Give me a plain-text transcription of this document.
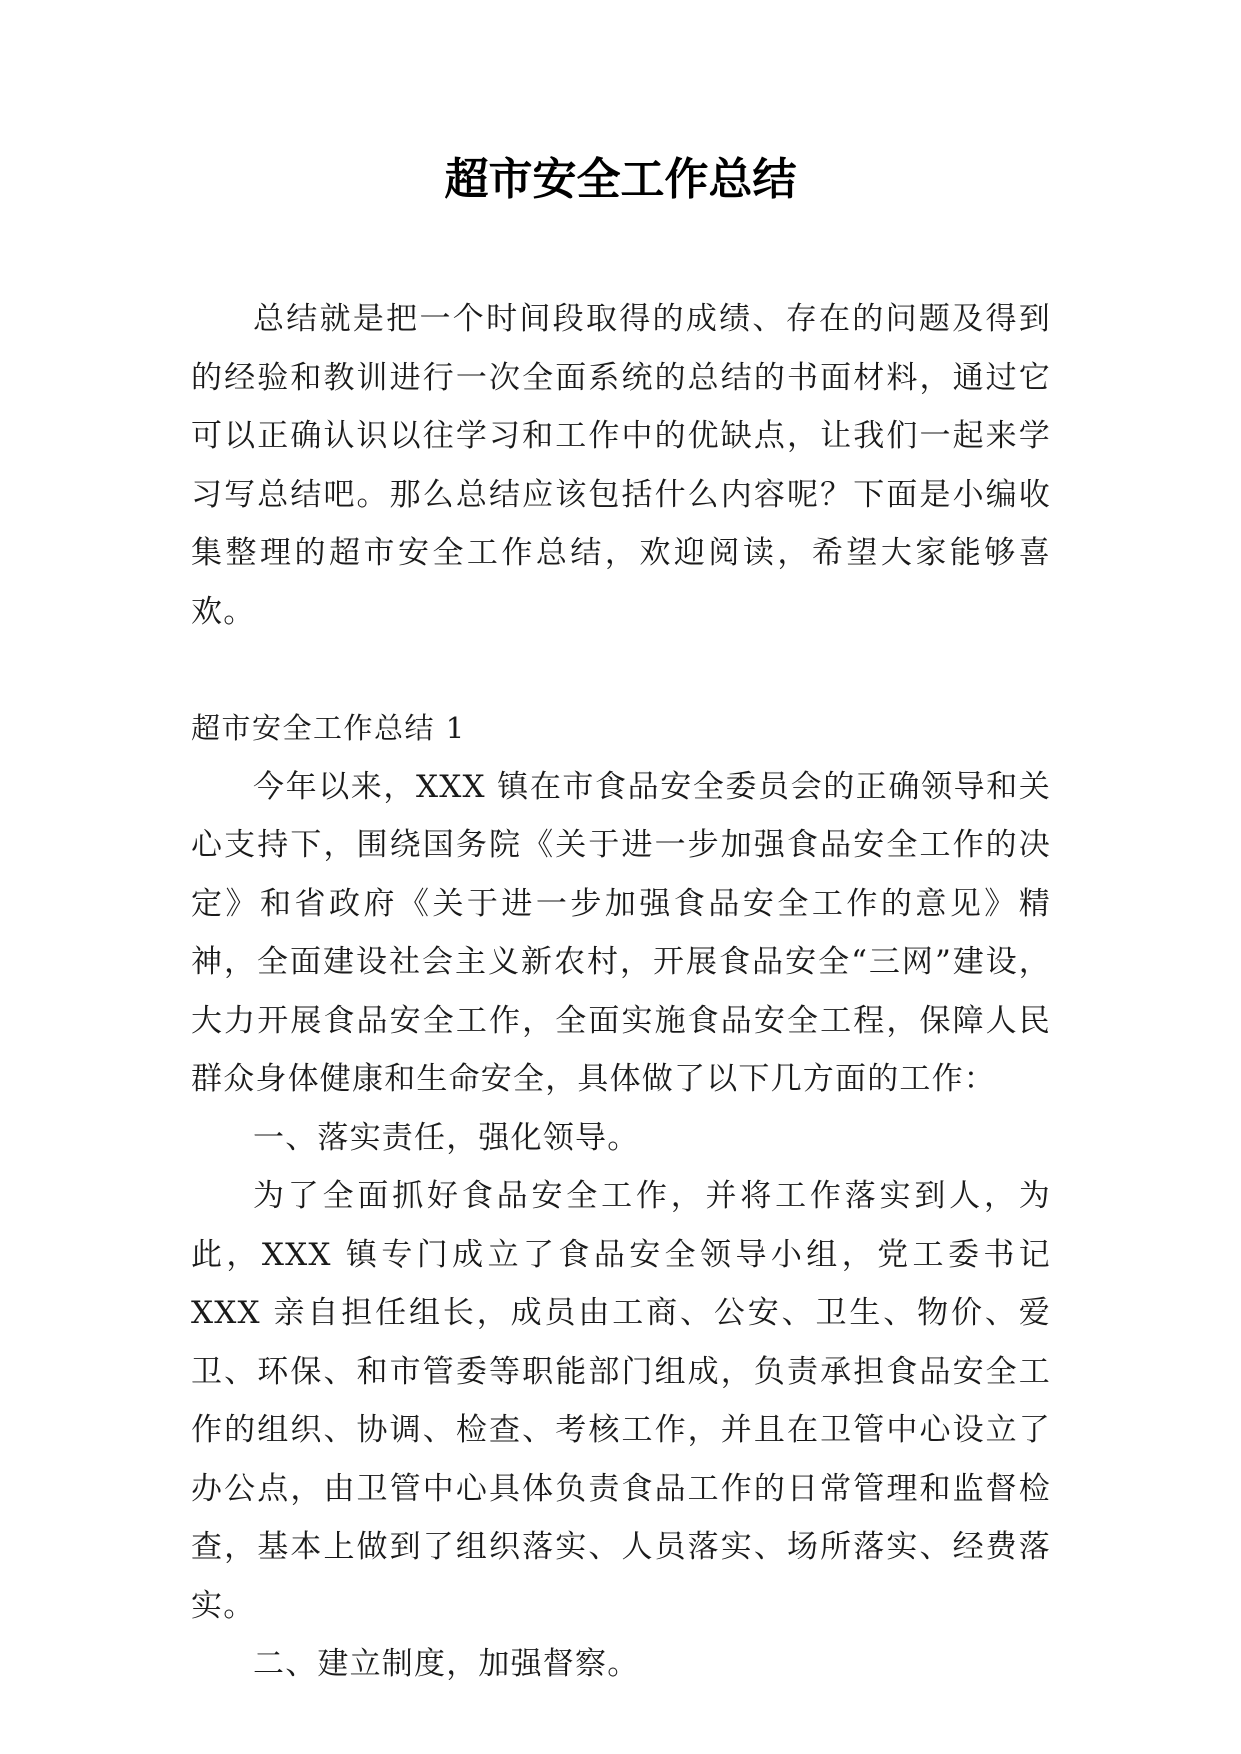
超市安全工作总结

总结就是把一个时间段取得的成绩、存在的问题及得到的经验和教训进行一次全面系统的总结的书面材料，通过它可以正确认识以往学习和工作中的优缺点，让我们一起来学习写总结吧。那么总结应该包括什么内容呢？下面是小编收集整理的超市安全工作总结，欢迎阅读，希望大家能够喜欢。

超市安全工作总结 1

今年以来，XXX 镇在市食品安全委员会的正确领导和关心支持下，围绕国务院《关于进一步加强食品安全工作的决定》和省政府《关于进一步加强食品安全工作的意见》精神，全面建设社会主义新农村，开展食品安全“三网”建设，大力开展食品安全工作，全面实施食品安全工程，保障人民群众身体健康和生命安全，具体做了以下几方面的工作：

一、落实责任，强化领导。

为了全面抓好食品安全工作，并将工作落实到人，为此，XXX 镇专门成立了食品安全领导小组，党工委书记 XXX 亲自担任组长，成员由工商、公安、卫生、物价、爱卫、环保、和市管委等职能部门组成，负责承担食品安全工作的组织、协调、检查、考核工作，并且在卫管中心设立了办公点，由卫管中心具体负责食品工作的日常管理和监督检查，基本上做到了组织落实、人员落实、场所落实、经费落实。

二、建立制度，加强督察。
